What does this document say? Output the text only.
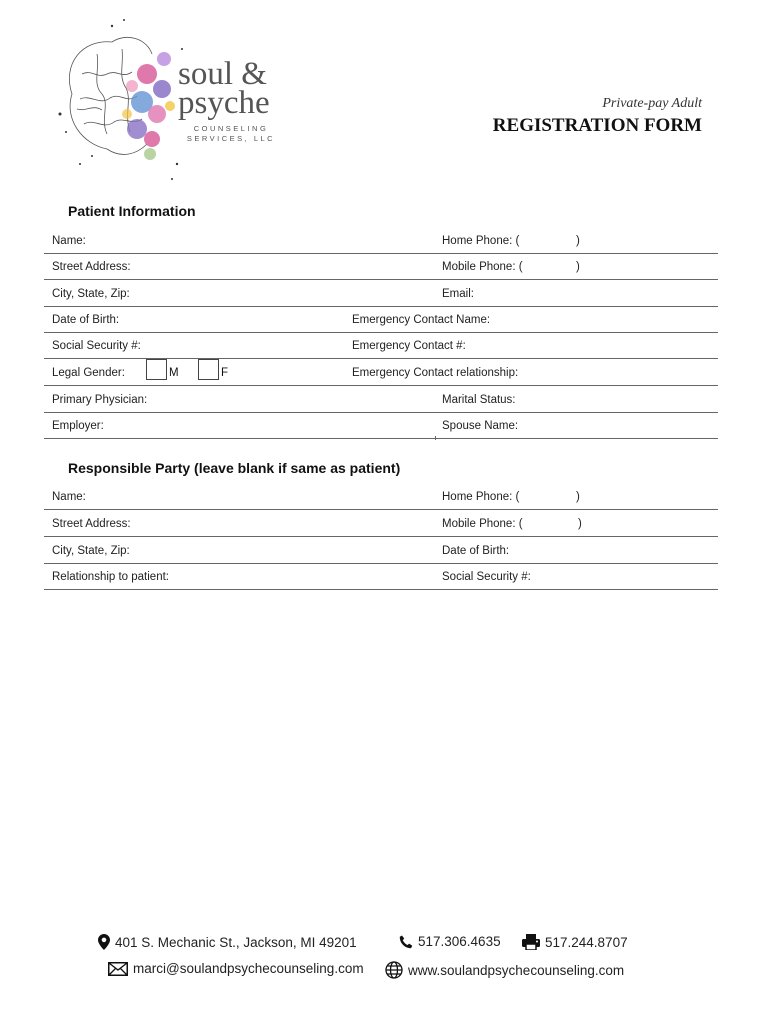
soul &
psyche
COUNSELING
SERVICES, LLC
Private-pay Adult
REGISTRATION FORM
Patient Information
Name:	Home Phone: (	)
Street Address:	Mobile Phone: (	)
City, State, Zip:	Email:
Date of Birth:	Emergency Contact Name:
Social Security #:	Emergency Contact #:
Legal Gender:	M	F	Emergency Contact relationship:
Primary Physician:	Marital Status:
Employer:	Spouse Name:
Responsible Party (leave blank if same as patient)
Name:	Home Phone: (	)
Street Address:	Mobile Phone: (	)
City, State, Zip:	Date of Birth:
Relationship to patient:	Social Security #:
401 S. Mechanic St., Jackson, MI 49201	517.306.4635	517.244.8707
marci@soulandpsychecounseling.com	www.soulandpsychecounseling.com
